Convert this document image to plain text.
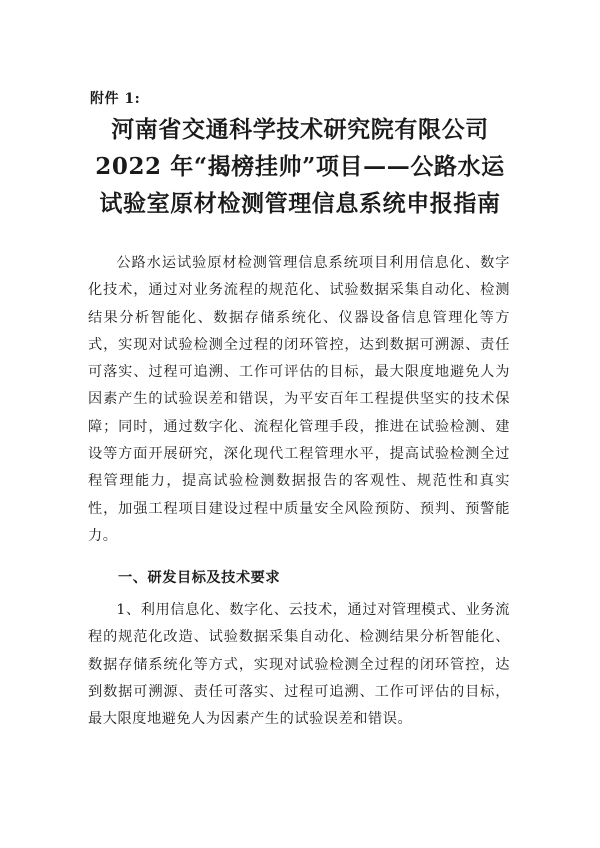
附件 1:
河南省交通科学技术研究院有限公司
2022 年“揭榜挂帅”项目——公路水运
试验室原材检测管理信息系统申报指南
公路水运试验原材检测管理信息系统项目利用信息化、数字化技术，通过对业务流程的规范化、试验数据采集自动化、检测结果分析智能化、数据存储系统化、仪器设备信息管理化等方式，实现对试验检测全过程的闭环管控，达到数据可溯源、责任可落实、过程可追溯、工作可评估的目标，最大限度地避免人为因素产生的试验误差和错误，为平安百年工程提供坚实的技术保障；同时，通过数字化、流程化管理手段，推进在试验检测、建设等方面开展研究，深化现代工程管理水平，提高试验检测全过程管理能力，提高试验检测数据报告的客观性、规范性和真实性，加强工程项目建设过程中质量安全风险预防、预判、预警能力。
一、研发目标及技术要求
1、利用信息化、数字化、云技术，通过对管理模式、业务流程的规范化改造、试验数据采集自动化、检测结果分析智能化、数据存储系统化等方式，实现对试验检测全过程的闭环管控，达到数据可溯源、责任可落实、过程可追溯、工作可评估的目标，最大限度地避免人为因素产生的试验误差和错误。
